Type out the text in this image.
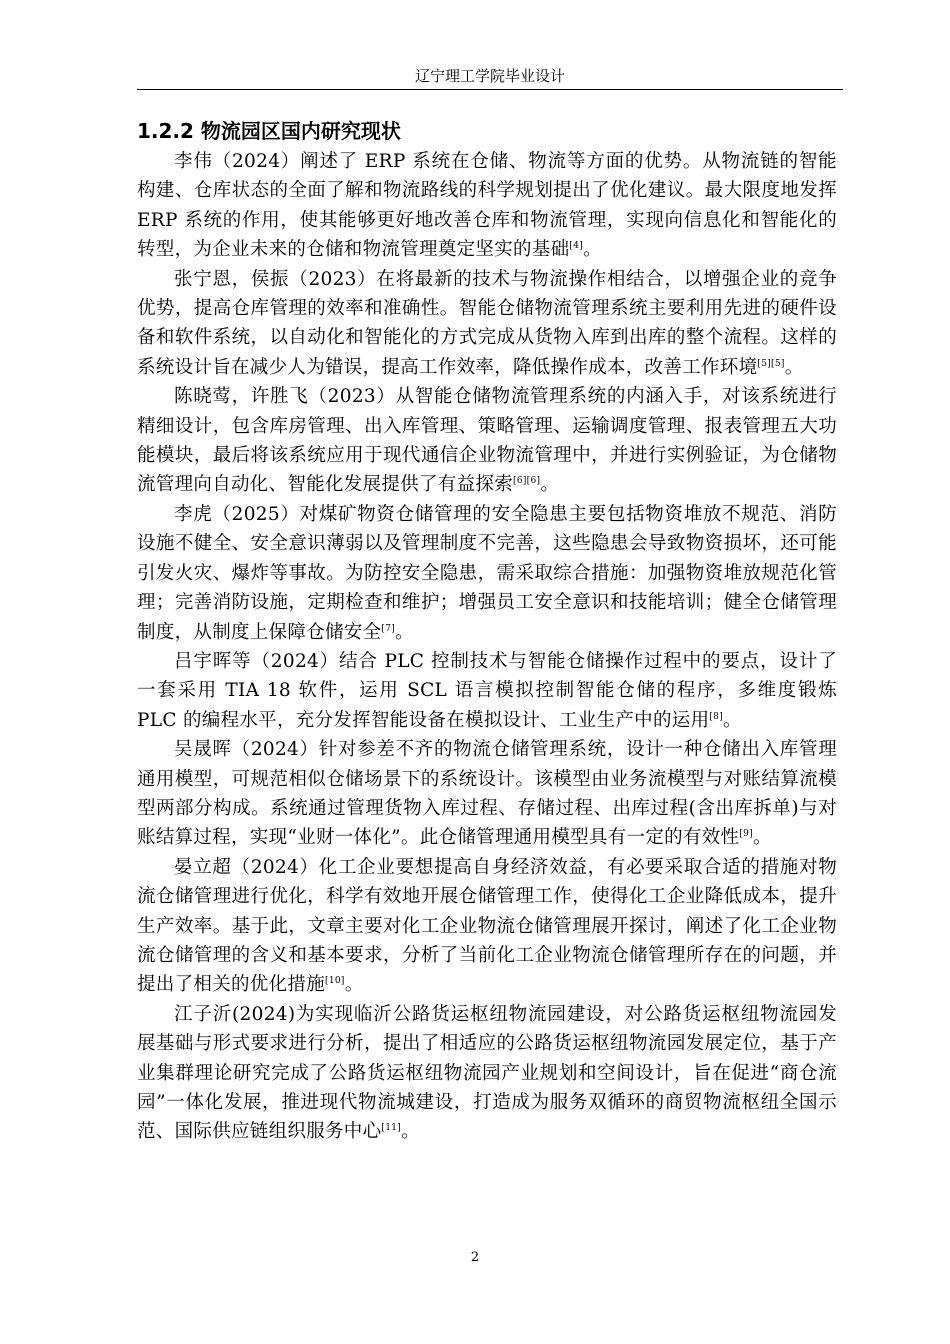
辽宁理工学院毕业设计
1.2.2 物流园区国内研究现状

李伟（2024）阐述了 ERP 系统在仓储、物流等方面的优势。从物流链的智能构建、仓库状态的全面了解和物流路线的科学规划提出了优化建议。最大限度地发挥 ERP 系统的作用，使其能够更好地改善仓库和物流管理，实现向信息化和智能化的转型，为企业未来的仓储和物流管理奠定坚实的基础[4]。

张宁恩，侯振（2023）在将最新的技术与物流操作相结合，以增强企业的竞争优势，提高仓库管理的效率和准确性。智能仓储物流管理系统主要利用先进的硬件设备和软件系统，以自动化和智能化的方式完成从货物入库到出库的整个流程。这样的系统设计旨在减少人为错误，提高工作效率，降低操作成本，改善工作环境[5][5]。

陈晓莺，许胜飞（2023）从智能仓储物流管理系统的内涵入手，对该系统进行精细设计，包含库房管理、出入库管理、策略管理、运输调度管理、报表管理五大功能模块，最后将该系统应用于现代通信企业物流管理中，并进行实例验证，为仓储物流管理向自动化、智能化发展提供了有益探索[6][6]。

李虎（2025）对煤矿物资仓储管理的安全隐患主要包括物资堆放不规范、消防设施不健全、安全意识薄弱以及管理制度不完善，这些隐患会导致物资损坏，还可能引发火灾、爆炸等事故。为防控安全隐患，需采取综合措施：加强物资堆放规范化管理；完善消防设施，定期检查和维护；增强员工安全意识和技能培训；健全仓储管理制度，从制度上保障仓储安全[7]。

吕宇晖等（2024）结合 PLC 控制技术与智能仓储操作过程中的要点，设计了一套采用 TIA 18 软件，运用 SCL 语言模拟控制智能仓储的程序，多维度锻炼 PLC 的编程水平，充分发挥智能设备在模拟设计、工业生产中的运用[8]。

吴晟晖（2024）针对参差不齐的物流仓储管理系统，设计一种仓储出入库管理通用模型，可规范相似仓储场景下的系统设计。该模型由业务流模型与对账结算流模型两部分构成。系统通过管理货物入库过程、存储过程、出库过程(含出库拆单)与对账结算过程，实现“业财一体化”。此仓储管理通用模型具有一定的有效性[9]。

晏立超（2024）化工企业要想提高自身经济效益，有必要采取合适的措施对物流仓储管理进行优化，科学有效地开展仓储管理工作，使得化工企业降低成本，提升生产效率。基于此，文章主要对化工企业物流仓储管理展开探讨，阐述了化工企业物流仓储管理的含义和基本要求，分析了当前化工企业物流仓储管理所存在的问题，并提出了相关的优化措施[10]。

江子沂(2024)为实现临沂公路货运枢纽物流园建设，对公路货运枢纽物流园发展基础与形式要求进行分析，提出了相适应的公路货运枢纽物流园发展定位，基于产业集群理论研究完成了公路货运枢纽物流园产业规划和空间设计，旨在促进“商仓流园”一体化发展，推进现代物流城建设，打造成为服务双循环的商贸物流枢纽全国示范、国际供应链组织服务中心[11]。

2
